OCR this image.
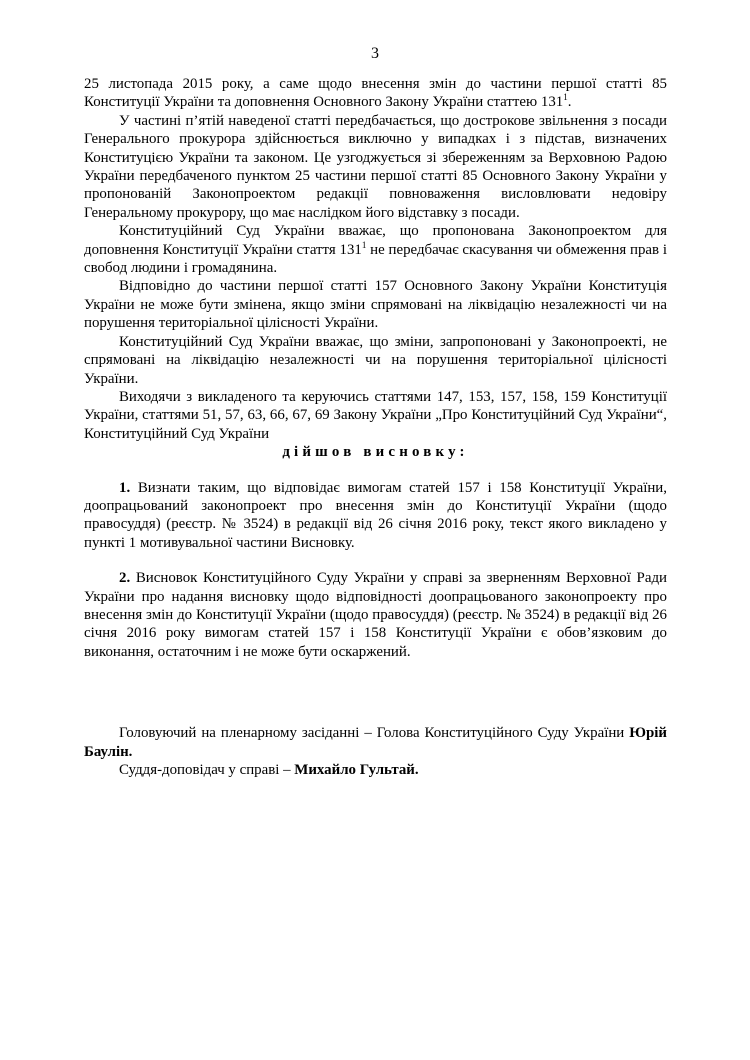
3

25 листопада 2015 року, а саме щодо внесення змін до частини першої статті 85 Конституції України та доповнення Основного Закону України статтею $131^1$.

У частині п’ятій наведеної статті передбачається, що дострокове звільнення з посади Генерального прокурора здійснюється виключно у випадках і з підстав, визначених Конституцією України та законом. Це узгоджується зі збереженням за Верховною Радою України передбаченого пунктом 25 частини першої статті 85 Основного Закону України у пропонованій Законопроектом редакції повноваження висловлювати недовіру Генеральному прокурору, що має наслідком його відставку з посади.

Конституційний Суд України вважає, що пропонована Законопроектом для доповнення Конституції України стаття $131^1$ не передбачає скасування чи обмеження прав і свобод людини і громадянина.

Відповідно до частини першої статті 157 Основного Закону України Конституція України не може бути змінена, якщо зміни спрямовані на ліквідацію незалежності чи на порушення територіальної цілісності України.

Конституційний Суд України вважає, що зміни, запропоновані у Законопроекті, не спрямовані на ліквідацію незалежності чи на порушення територіальної цілісності України.

Виходячи з викладеного та керуючись статтями 147, 153, 157, 158, 159 Конституції України, статтями 51, 57, 63, 66, 67, 69 Закону України „Про Конституційний Суд України“, Конституційний Суд України

дійшов висновку:

1. Визнати таким, що відповідає вимогам статей 157 і 158 Конституції України, доопрацьований законопроект про внесення змін до Конституції України (щодо правосуддя) (реєстр. № 3524) в редакції від 26 січня 2016 року, текст якого викладено у пункті 1 мотивувальної частини Висновку.

2. Висновок Конституційного Суду України у справі за зверненням Верховної Ради України про надання висновку щодо відповідності доопрацьованого законопроекту про внесення змін до Конституції України (щодо правосуддя) (реєстр. № 3524) в редакції від 26 січня 2016 року вимогам статей 157 і 158 Конституції України є обов’язковим до виконання, остаточним і не може бути оскаржений.

Головуючий на пленарному засіданні – Голова Конституційного Суду України Юрій Баулін.

Суддя-доповідач у справі – Михайло Гультай.
